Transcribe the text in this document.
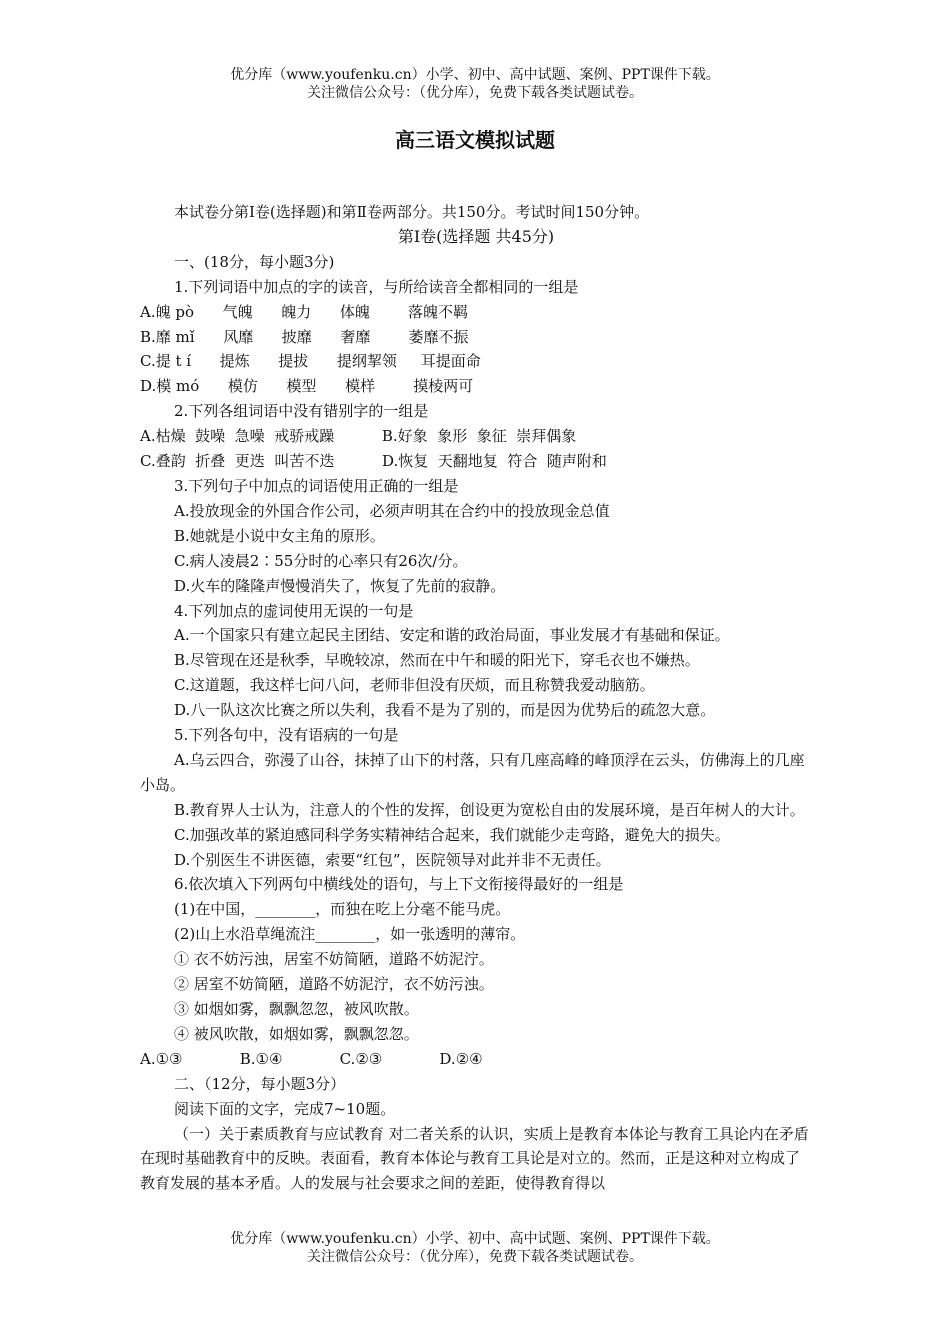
优分库（www.youfenku.cn）小学、初中、高中试题、案例、PPT课件下载。
关注微信公众号：（优分库），免费下载各类试题试卷。
高三语文模拟试题

本试卷分第Ⅰ卷(选择题)和第Ⅱ卷两部分。共150分。考试时间150分钟。

第Ⅰ卷(选择题 共45分)

一、(18分，每小题3分)

1.下列词语中加点的字的读音，与所给读音全都相同的一组是

A.魄 pò      气魄      魄力      体魄        落魄不羁

B.靡 mǐ      风靡      披靡      奢靡        萎靡不振

C.提 t í      提炼      提拔      提纲挈领     耳提面命

D.模 mó      模仿      模型      模样        摸棱两可

2.下列各组词语中没有错别字的一组是

A.枯燥  鼓噪  急噪  戒骄戒躁          B.好象  象形  象征  崇拜偶象

C.叠韵  折叠  更迭  叫苦不迭          D.恢复  天翻地复  符合  随声附和

3.下列句子中加点的词语使用正确的一组是

A.投放现金的外国合作公司，必须声明其在合约中的投放现金总值

B.她就是小说中女主角的原形。

C.病人凌晨2∶55分时的心率只有26次/分。

D.火车的隆隆声慢慢消失了，恢复了先前的寂静。

4.下列加点的虚词使用无误的一句是

A.一个国家只有建立起民主团结、安定和谐的政治局面，事业发展才有基础和保证。

B.尽管现在还是秋季，早晚较凉，然而在中午和暖的阳光下，穿毛衣也不嫌热。

C.这道题，我这样七问八问，老师非但没有厌烦，而且称赞我爱动脑筋。

D.八一队这次比赛之所以失利，我看不是为了别的，而是因为优势后的疏忽大意。

5.下列各句中，没有语病的一句是

A.乌云四合，弥漫了山谷，抹掉了山下的村落，只有几座高峰的峰顶浮在云头，仿佛海上的几座小岛。

B.教育界人士认为，注意人的个性的发挥，创设更为宽松自由的发展环境，是百年树人的大计。

C.加强改革的紧迫感同科学务实精神结合起来，我们就能少走弯路，避免大的损失。

D.个别医生不讲医德，索要“红包”，医院领导对此并非不无责任。

6.依次填入下列两句中横线处的语句，与上下文衔接得最好的一组是

(1)在中国，________，而独在吃上分毫不能马虎。

(2)山上水沿草绳流注________，如一张透明的薄帘。

① 衣不妨污浊，居室不妨简陋，道路不妨泥泞。

② 居室不妨简陋，道路不妨泥泞，衣不妨污浊。

③ 如烟如雾，飘飘忽忽，被风吹散。

④ 被风吹散，如烟如雾，飘飘忽忽。

A.①③            B.①④            C.②③            D.②④

二、（12分，每小题3分）

阅读下面的文字，完成7~10题。

（一）关于素质教育与应试教育 对二者关系的认识，实质上是教育本体论与教育工具论内在矛盾在现时基础教育中的反映。表面看，教育本体论与教育工具论是对立的。然而，正是这种对立构成了教育发展的基本矛盾。人的发展与社会要求之间的差距，使得教育得以

优分库（www.youfenku.cn）小学、初中、高中试题、案例、PPT课件下载。
关注微信公众号：（优分库），免费下载各类试题试卷。
